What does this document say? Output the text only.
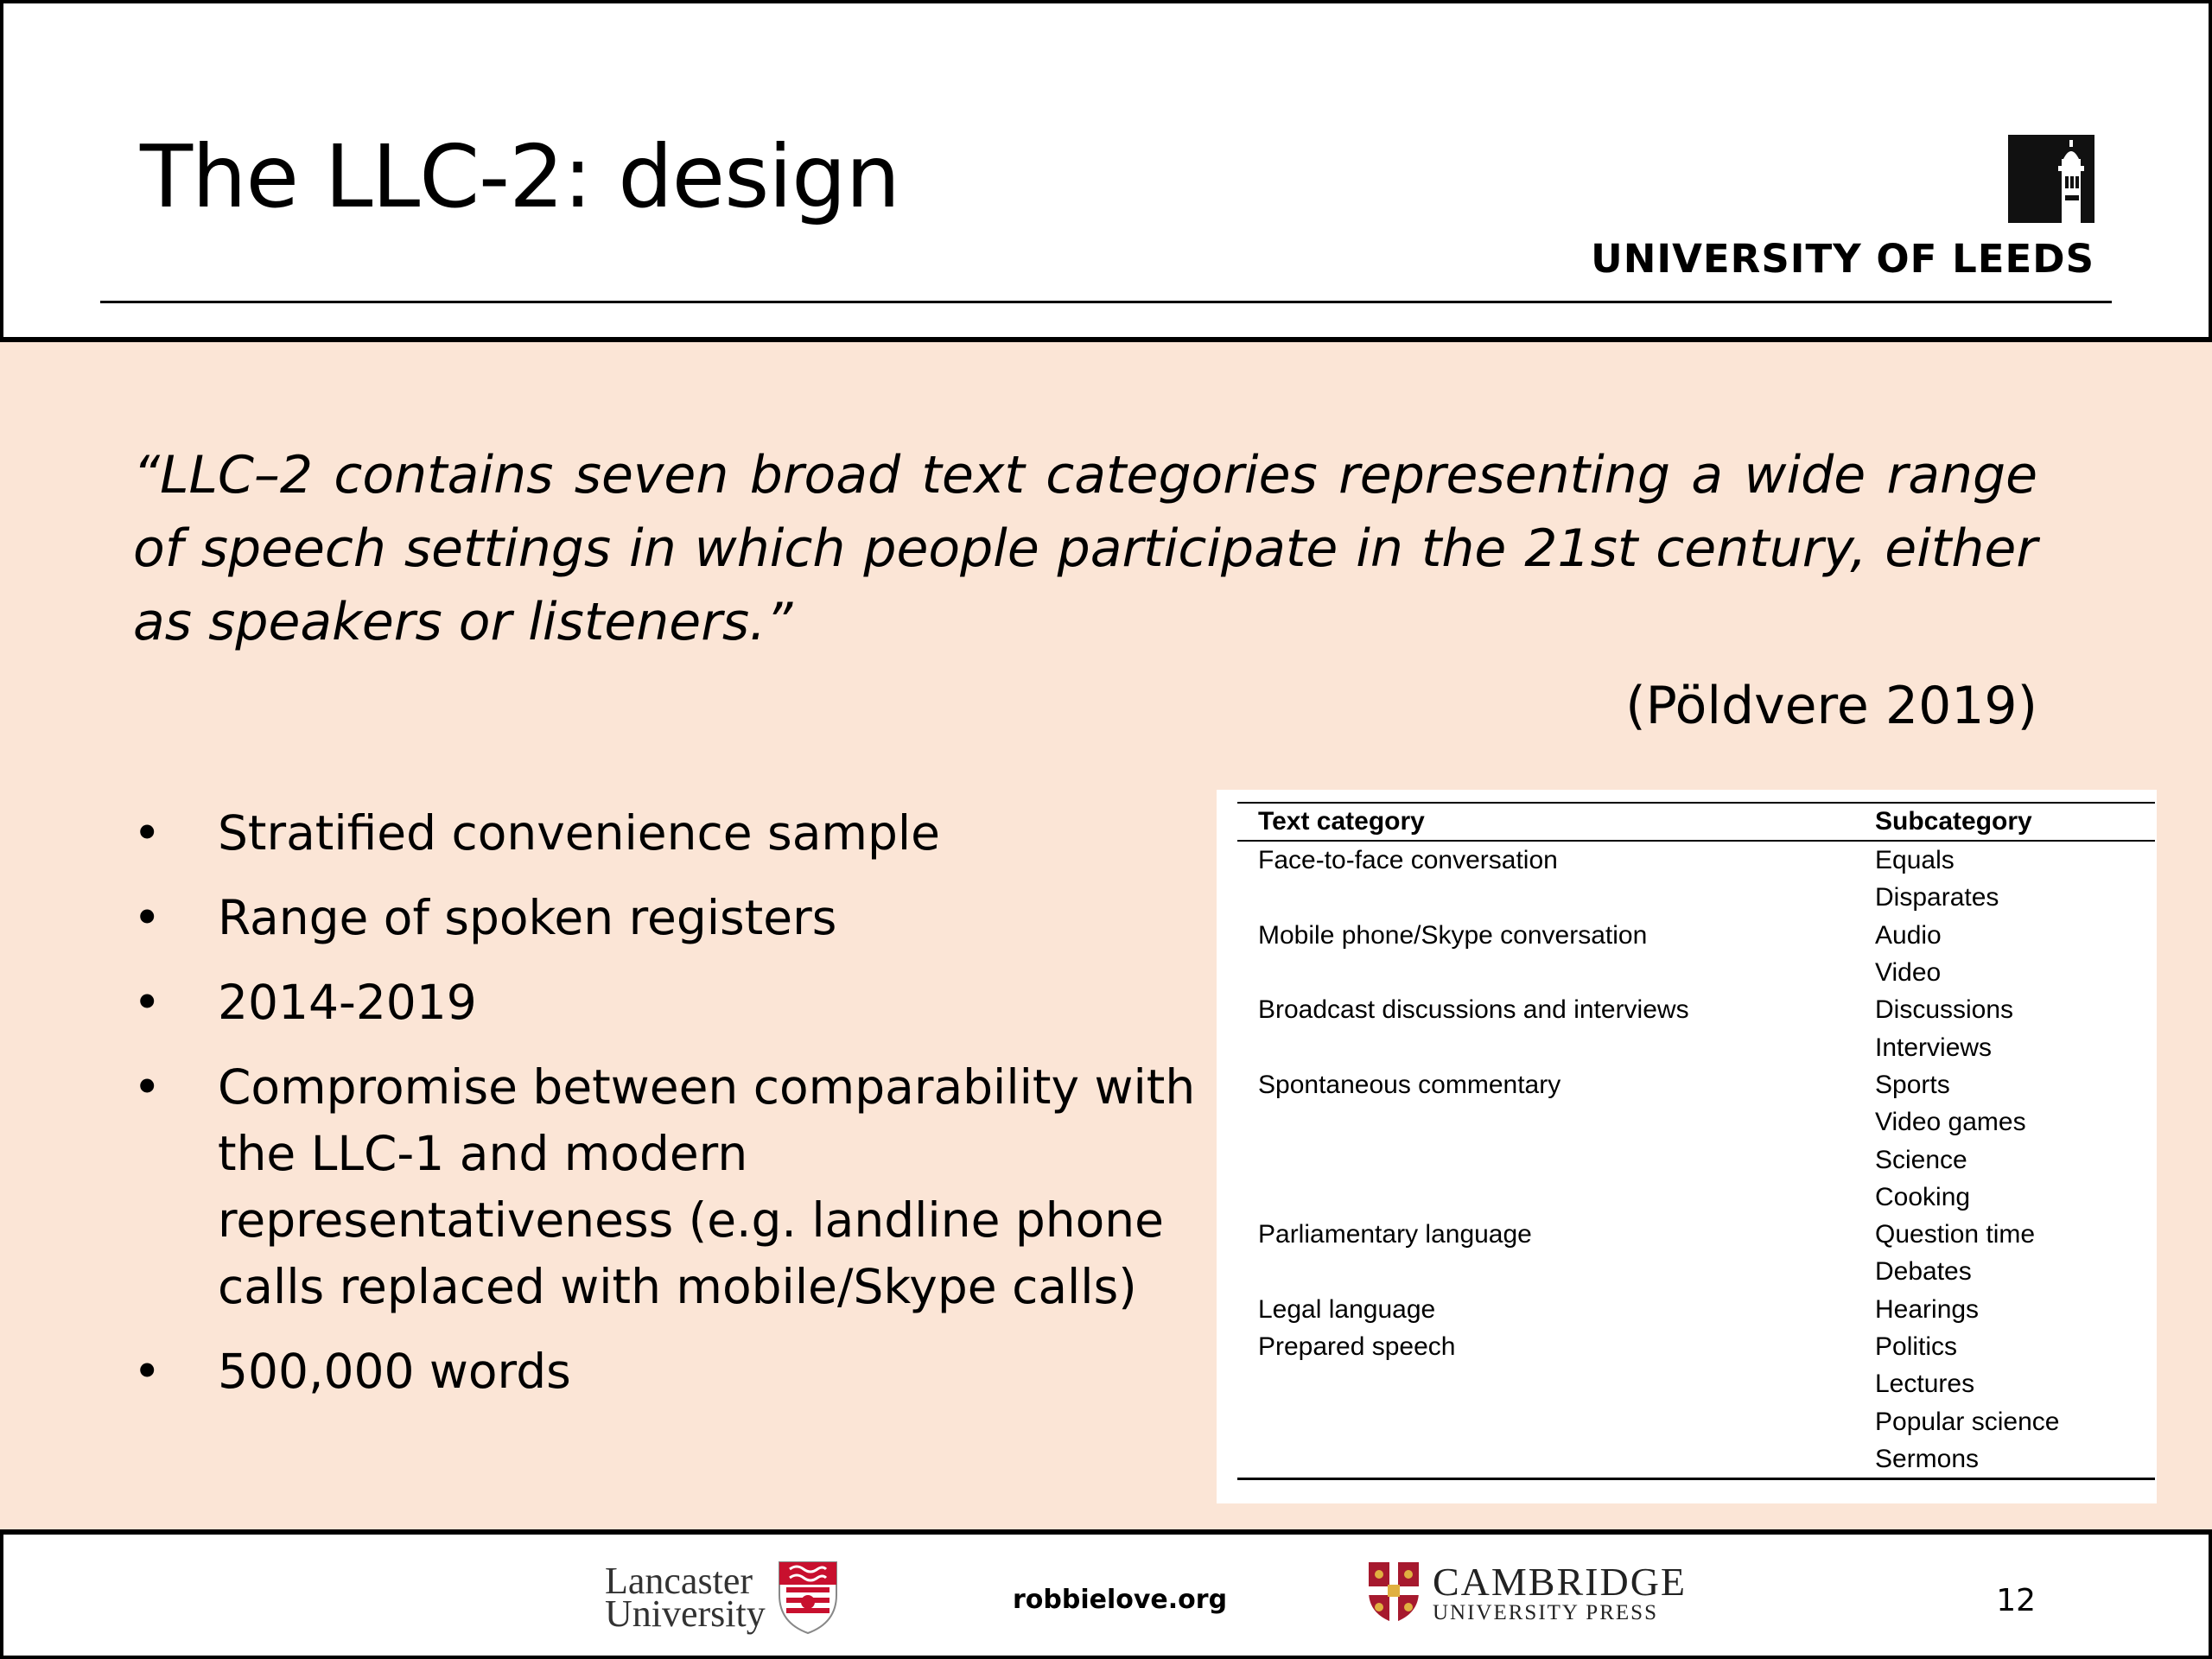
The LLC-2: design
UNIVERSITY OF LEEDS
“LLC–2 contains seven broad text categories representing a wide range of speech settings in which people participate in the 21st century, either as speakers or listeners.”
(Pöldvere 2019)
• Stratified convenience sample
• Range of spoken registers
• 2014-2019
• Compromise between comparability with the LLC-1 and modern representativeness (e.g. landline phone calls replaced with mobile/Skype calls)
• 500,000 words
Text category	Subcategory
Face-to-face conversation	Equals
	Disparates
Mobile phone/Skype conversation	Audio
	Video
Broadcast discussions and interviews	Discussions
	Interviews
Spontaneous commentary	Sports
	Video games
	Science
	Cooking
Parliamentary language	Question time
	Debates
Legal language	Hearings
Prepared speech	Politics
	Lectures
	Popular science
	Sermons
Lancaster
University	robbielove.org	CAMBRIDGE
UNIVERSITY PRESS	12
